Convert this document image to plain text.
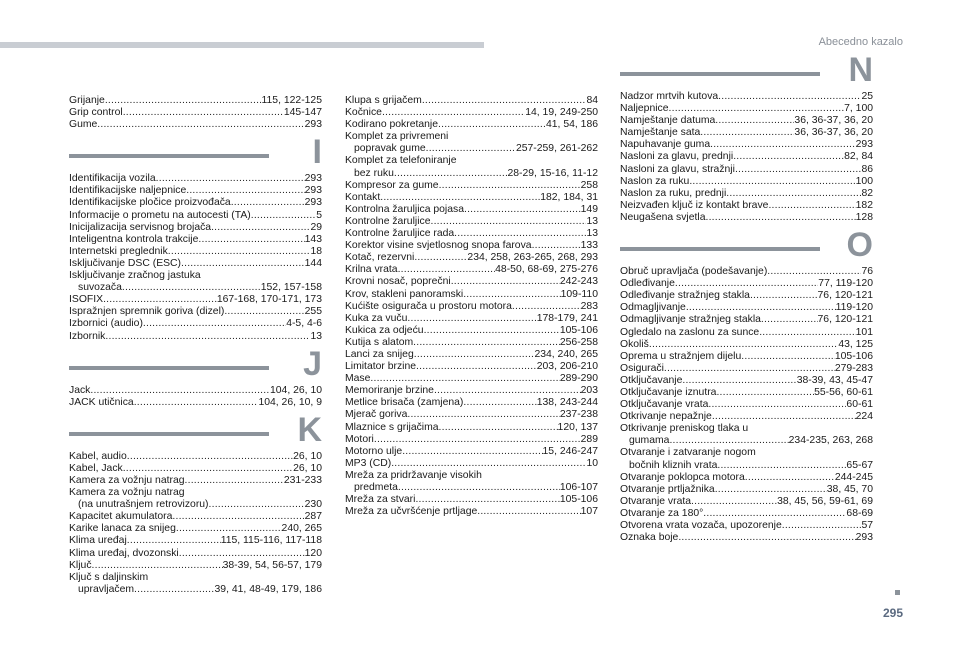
Abecedno kazalo
Grijanje .....	115, 122-125
Grip control .....	145-147
Gume .....	293
I
Identifikacija vozila .....	293
Identifikacijske naljepnice .....	293
Identifikacijske pločice proizvođača .....	293
Informacije o prometu na autocesti (TA) .....	5
Inicijalizacija servisnog brojača .....	29
Inteligentna kontrola trakcije .....	143
Internetski preglednik .....	18
Isključivanje DSC (ESC) .....	144
Isključivanje zračnog jastuka
suvozača .....	152, 157-158
ISOFIX .....	167-168, 170-171, 173
Ispražnjen spremnik goriva (dizel) .....	255
Izbornici (audio) .....	4-5, 4-6
Izbornik .....	13
J
Jack .....	104, 26, 10
JACK utičnica .....	104, 26, 10, 9
K
Kabel, audio .....	26, 10
Kabel, Jack .....	26, 10
Kamera za vožnju natrag .....	231-233
Kamera za vožnju natrag
(na unutrašnjem retrovizoru) .....	230
Kapacitet akumulatora .....	287
Karike lanaca za snijeg .....	240, 265
Klima uređaj .....	115, 115-116, 117-118
Klima uređaj, dvozonski .....	120
Ključ .....	38-39, 54, 56-57, 179
Ključ s daljinskim
upravljačem .....	39, 41, 48-49, 179, 186
Klupa s grijačem .....	84
Kočnice .....	14, 19, 249-250
Kodirano pokretanje .....	41, 54, 186
Komplet za privremeni
popravak gume .....	257-259, 261-262
Komplet za telefoniranje
bez ruku .....	28-29, 15-16, 11-12
Kompresor za gume .....	258
Kontakt .....	182, 184, 31
Kontrolna žaruljica pojasa .....	149
Kontrolne žaruljice .....	13
Kontrolne žaruljice rada .....	13
Korektor visine svjetlosnog snopa farova .....	133
Kotač, rezervni .....	234, 258, 263-265, 268, 293
Krilna vrata .....	48-50, 68-69, 275-276
Krovni nosač, poprečni .....	242-243
Krov, stakleni panoramski .....	109-110
Kućište osigurača u prostoru motora .....	283
Kuka za vuču .....	178-179, 241
Kukica za odjeću .....	105-106
Kutija s alatom .....	256-258
Lanci za snijeg .....	234, 240, 265
Limitator brzine .....	203, 206-210
Mase .....	289-290
Memoriranje brzine .....	203
Metlice brisača (zamjena) .....	138, 243-244
Mjerač goriva .....	237-238
Mlaznice s grijačima .....	120, 137
Motori .....	289
Motorno ulje .....	15, 246-247
MP3 (CD) .....	10
Mreža za pridržavanje visokih
predmeta .....	106-107
Mreža za stvari .....	105-106
Mreža za učvršćenje prtljage .....	107
N
Nadzor mrtvih kutova .....	25
Naljepnice .....	7, 100
Namještanje datuma .....	36, 36-37, 36, 20
Namještanje sata .....	36, 36-37, 36, 20
Napuhavanje guma .....	293
Nasloni za glavu, prednji .....	82, 84
Nasloni za glavu, stražnji .....	86
Naslon za ruku .....	100
Naslon za ruku, prednji .....	82
Neizvađen ključ iz kontakt brave .....	182
Neugašena svjetla .....	128
O
Obruč upravljača (podešavanje) .....	76
Odleđivanje .....	77, 119-120
Odleđivanje stražnjeg stakla .....	76, 120-121
Odmagljivanje .....	119-120
Odmagljivanje stražnjeg stakla .....	76, 120-121
Ogledalo na zaslonu za sunce .....	101
Okoliš .....	43, 125
Oprema u stražnjem dijelu .....	105-106
Osigurači .....	279-283
Otključavanje .....	38-39, 43, 45-47
Otključavanje iznutra .....	55-56, 60-61
Otključavanje vrata .....	60-61
Otkrivanje nepažnje .....	224
Otkrivanje preniskog tlaka u
gumama .....	234-235, 263, 268
Otvaranje i zatvaranje nogom
bočnih kliznih vrata .....	65-67
Otvaranje poklopca motora .....	244-245
Otvaranje prtljažnika .....	38, 45, 70
Otvaranje vrata .....	38, 45, 56, 59-61, 69
Otvaranje za 180° .....	68-69
Otvorena vrata vozača, upozorenje .....	57
Oznaka boje .....	293
295
